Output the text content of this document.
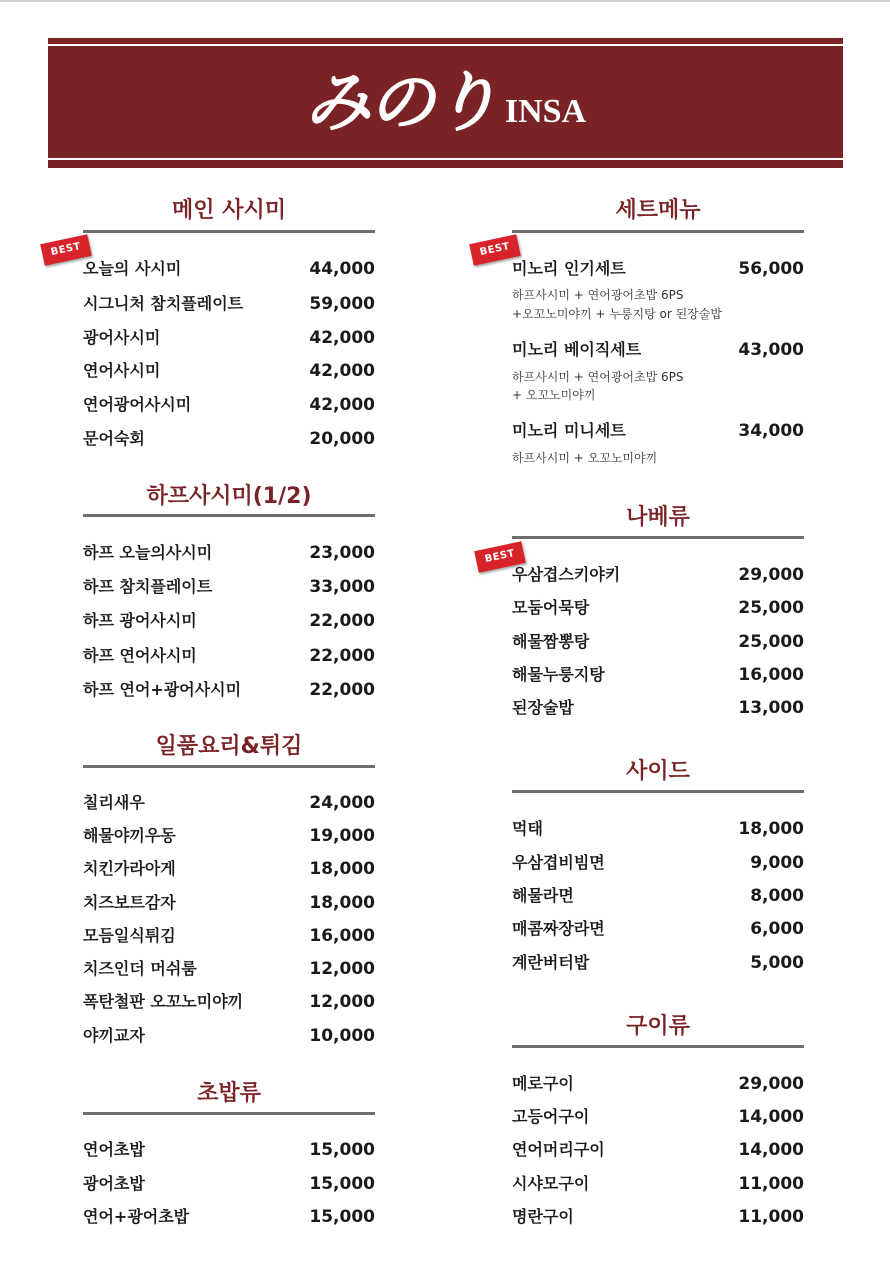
みのり INSA
메인 사시미
오늘의 사시미	44,000
시그니처 참치플레이트	59,000
광어사시미	42,000
연어사시미	42,000
연어광어사시미	42,000
문어숙회	20,000
BEST
하프사시미(1/2)
하프 오늘의사시미	23,000
하프 참치플레이트	33,000
하프 광어사시미	22,000
하프 연어사시미	22,000
하프 연어+광어사시미	22,000
일품요리&튀김
칠리새우	24,000
해물야끼우동	19,000
치킨가라아게	18,000
치즈보트감자	18,000
모듬일식튀김	16,000
치즈인더 머쉬룸	12,000
폭탄철판 오꼬노미야끼	12,000
야끼교자	10,000
초밥류
연어초밥	15,000
광어초밥	15,000
연어+광어초밥	15,000
세트메뉴
미노리 인기세트	56,000
하프사시미 + 연어광어초밥 6PS
+오꼬노미야끼 + 누룽지탕 or 된장술밥
미노리 베이직세트	43,000
하프사시미 + 연어광어초밥 6PS
+ 오꼬노미야끼
미노리 미니세트	34,000
하프사시미 + 오꼬노미야끼
BEST
나베류
우삼겹스키야키	29,000
모둠어묵탕	25,000
해물짬뽕탕	25,000
해물누룽지탕	16,000
된장술밥	13,000
BEST
사이드
먹태	18,000
우삼겹비빔면	9,000
해물라면	8,000
매콤짜장라면	6,000
계란버터밥	5,000
구이류
메로구이	29,000
고등어구이	14,000
연어머리구이	14,000
시샤모구이	11,000
명란구이	11,000
